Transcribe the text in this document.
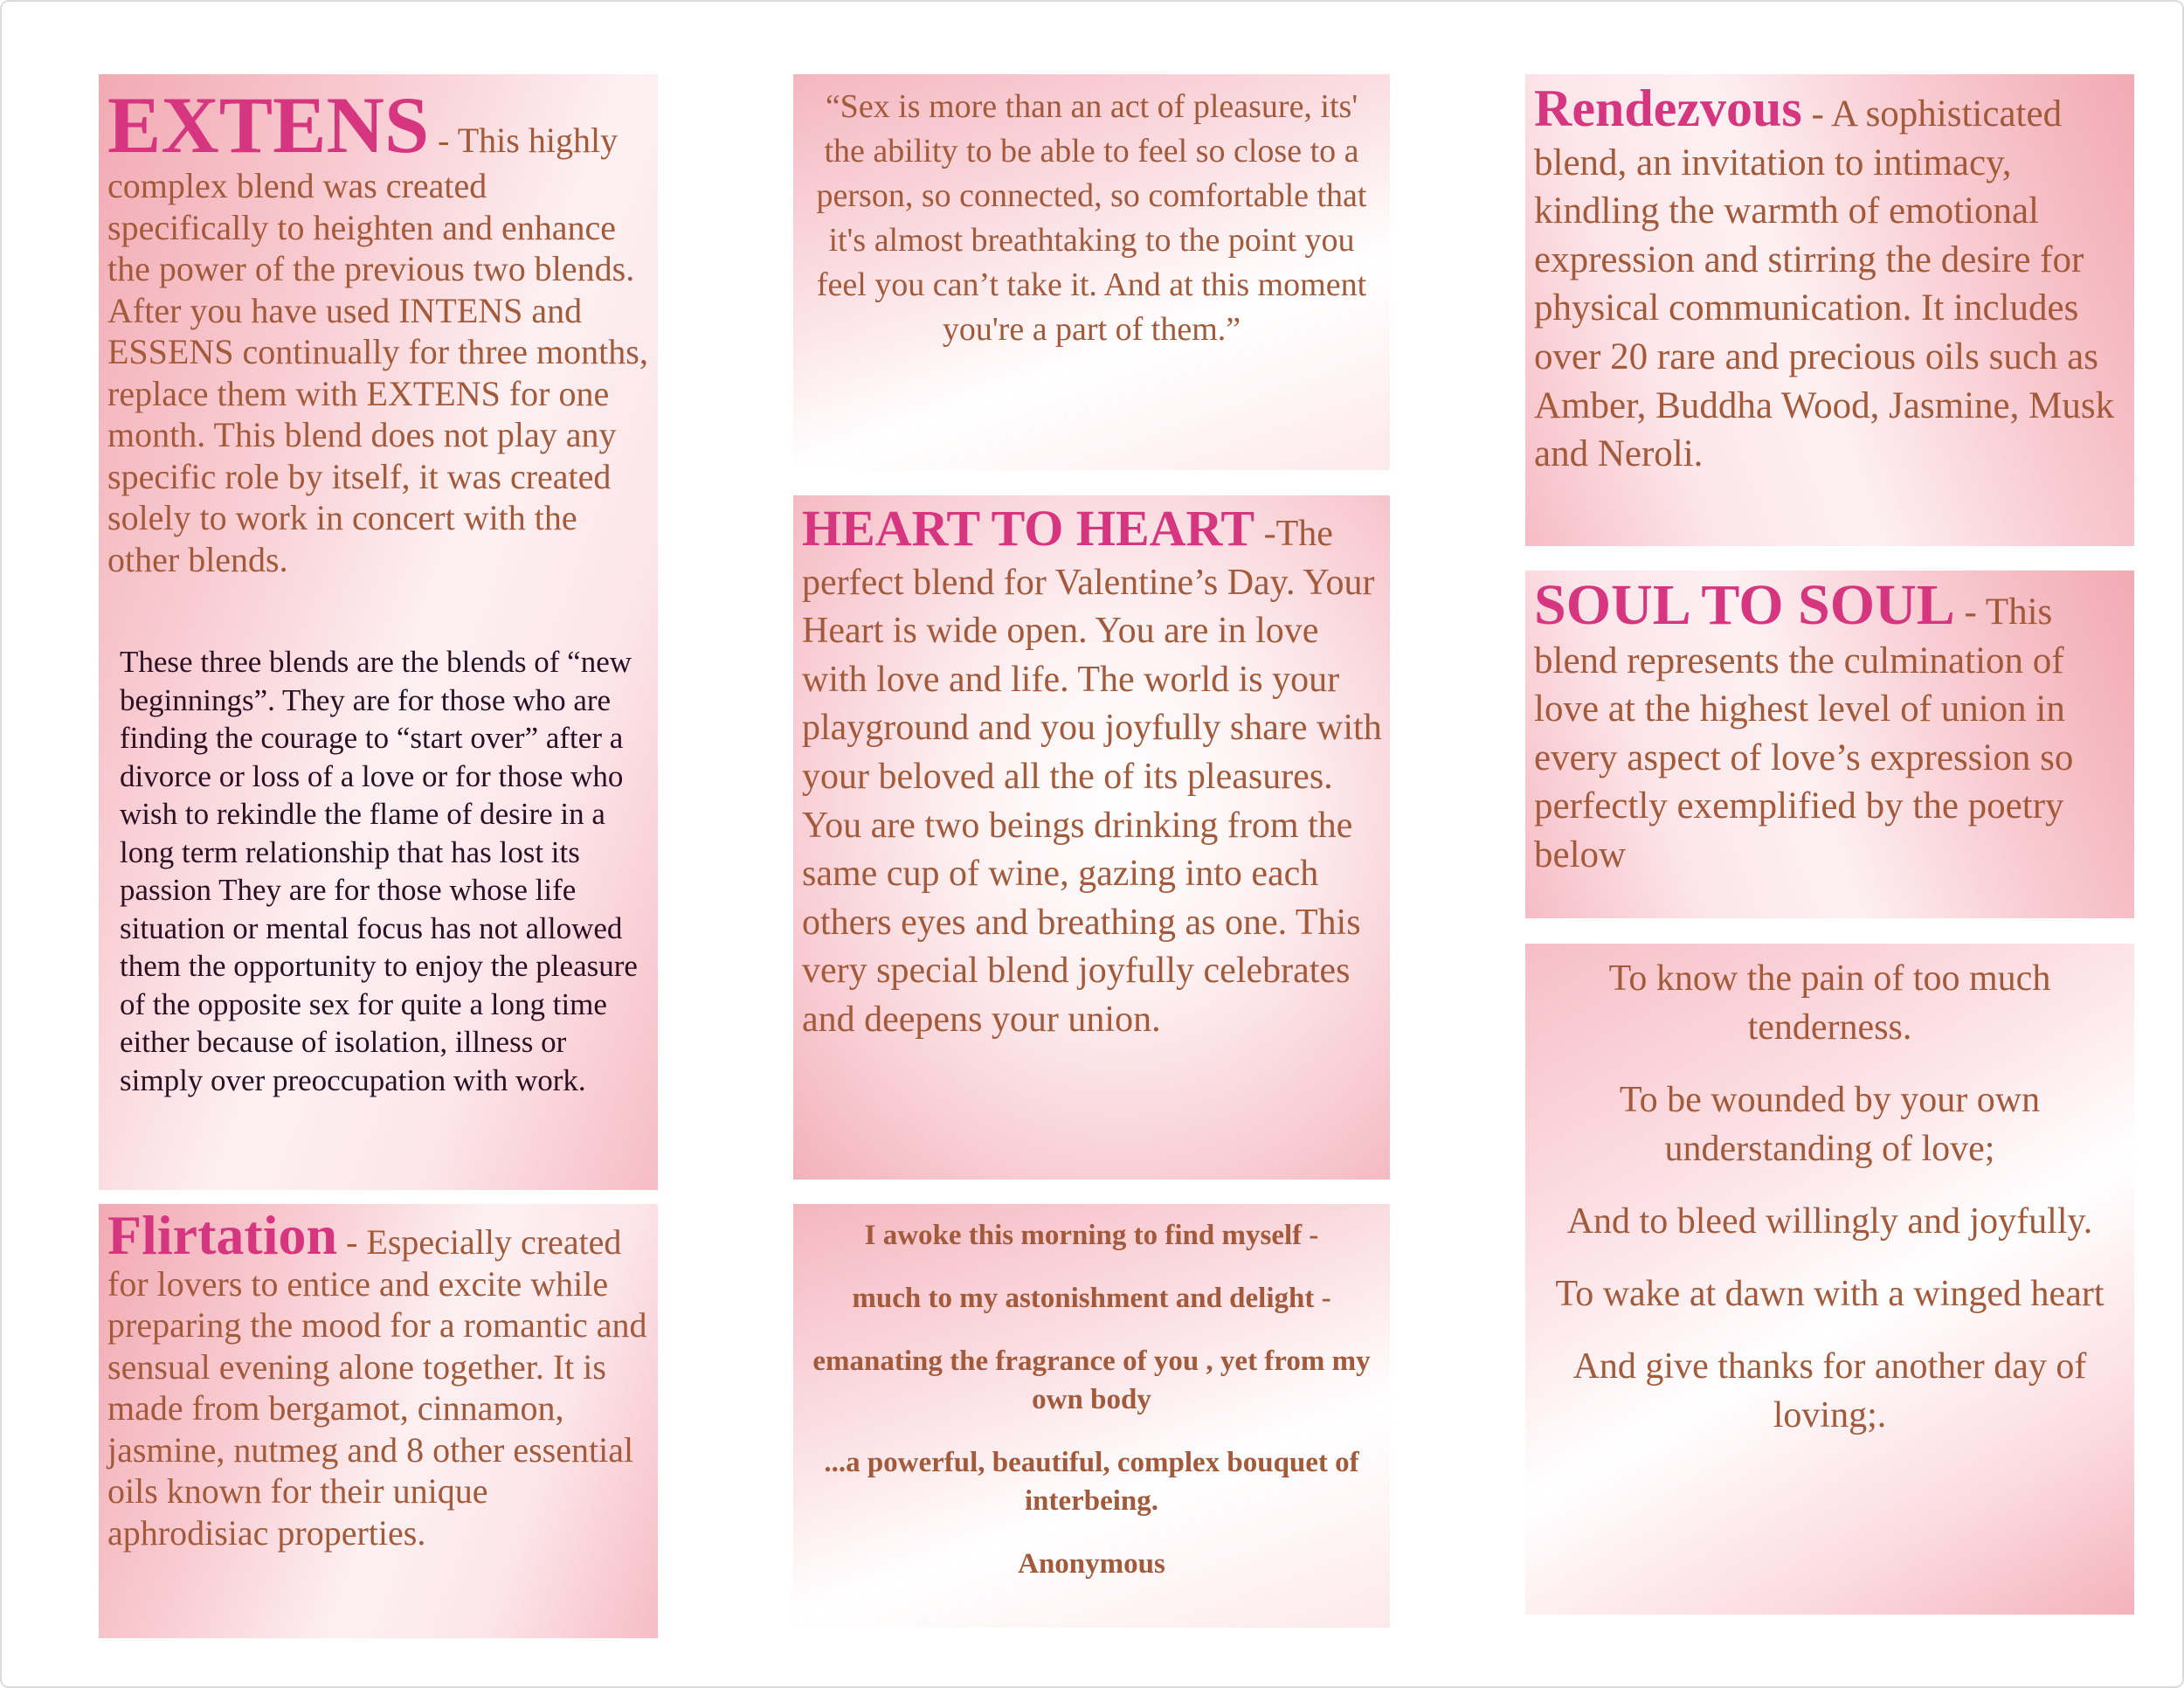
EXTENS - This highly complex blend was created specifically to heighten and enhance the power of the previous two blends. After you have used INTENS and ESSENS continually for three months, replace them with EXTENS for one month. This blend does not play any specific role by itself, it was created solely to work in concert with the other blends.
These three blends are the blends of “new beginnings”. They are for those who are finding the courage to “start over” after a divorce or loss of a love or for those who wish to rekindle the flame of desire in a long term relationship that has lost its passion They are for those whose life situation or mental focus has not allowed them the opportunity to enjoy the pleasure of the opposite sex for quite a long time either because of isolation, illness or simply over preoccupation with work.
Flirtation - Especially created for lovers to entice and excite while preparing the mood for a romantic and sensual evening alone together. It is made from bergamot, cinnamon, jasmine, nutmeg and 8 other essential oils known for their unique aphrodisiac properties.
“Sex is more than an act of pleasure, its' the ability to be able to feel so close to a person, so connected, so comfortable that it's almost breathtaking to the point you feel you can’t take it. And at this moment you're a part of them.”
HEART TO HEART -The perfect blend for Valentine’s Day. Your Heart is wide open. You are in love with love and life. The world is your playground and you joyfully share with your beloved all the of its pleasures. You are two beings drinking from the same cup of wine, gazing into each others eyes and breathing as one. This very special blend joyfully celebrates and deepens your union.

I awoke this morning to find myself -

much to my astonishment and delight -

emanating the fragrance of you , yet from my own body

...a powerful, beautiful, complex bouquet of interbeing.

Anonymous

Rendezvous - A sophisticated blend, an invitation to intimacy, kindling the warmth of emotional expression and stirring the desire for physical communication. It includes over 20 rare and precious oils such as Amber, Buddha Wood, Jasmine, Musk and Neroli.
SOUL TO SOUL - This blend represents the culmination of love at the highest level of union in every aspect of love’s expression so perfectly exemplified by the poetry below

To know the pain of too much tenderness.

To be wounded by your own understanding of love;

And to bleed willingly and joyfully.

To wake at dawn with a winged heart

And give thanks for another day of loving;.
